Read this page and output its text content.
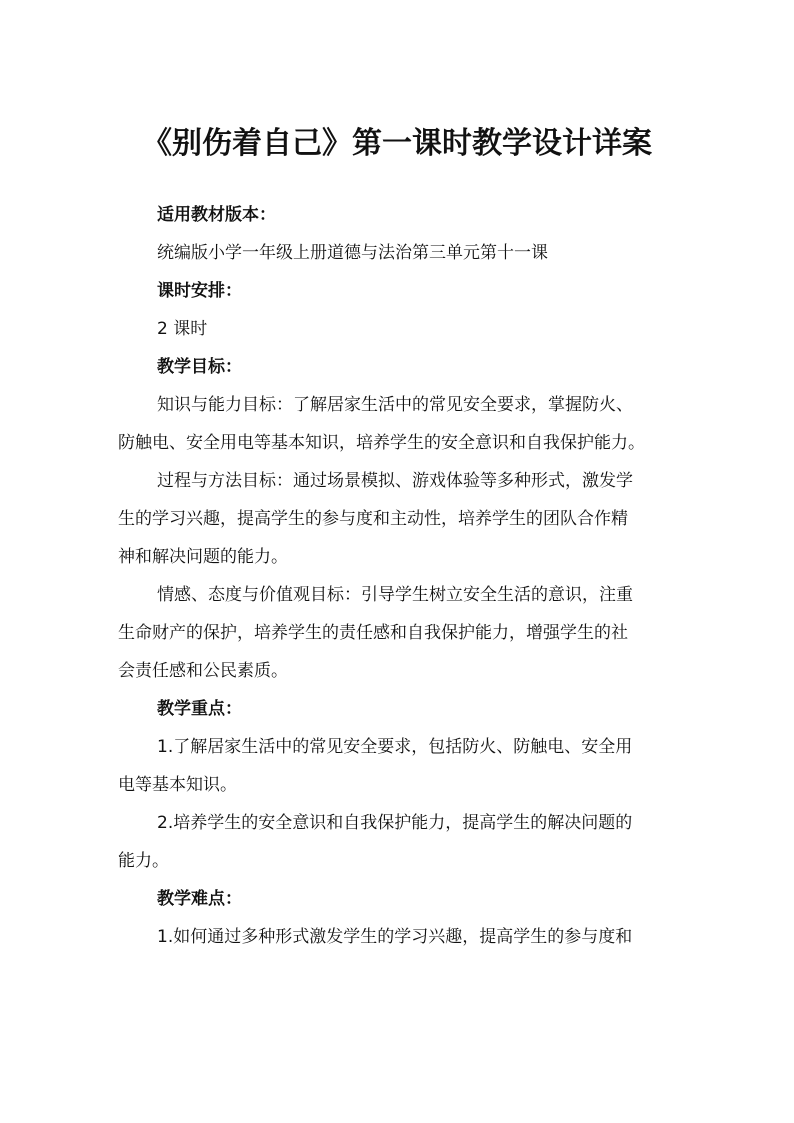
《别伤着自己》第一课时教学设计详案
适用教材版本：
统编版小学一年级上册道德与法治第三单元第十一课
课时安排：
2 课时
教学目标：
知识与能力目标：了解居家生活中的常见安全要求，掌握防火、
防触电、安全用电等基本知识，培养学生的安全意识和自我保护能力。
过程与方法目标：通过场景模拟、游戏体验等多种形式，激发学
生的学习兴趣，提高学生的参与度和主动性，培养学生的团队合作精
神和解决问题的能力。
情感、态度与价值观目标：引导学生树立安全生活的意识，注重
生命财产的保护，培养学生的责任感和自我保护能力，增强学生的社
会责任感和公民素质。
教学重点：
1.了解居家生活中的常见安全要求，包括防火、防触电、安全用
电等基本知识。
2.培养学生的安全意识和自我保护能力，提高学生的解决问题的
能力。
教学难点：
1.如何通过多种形式激发学生的学习兴趣，提高学生的参与度和
